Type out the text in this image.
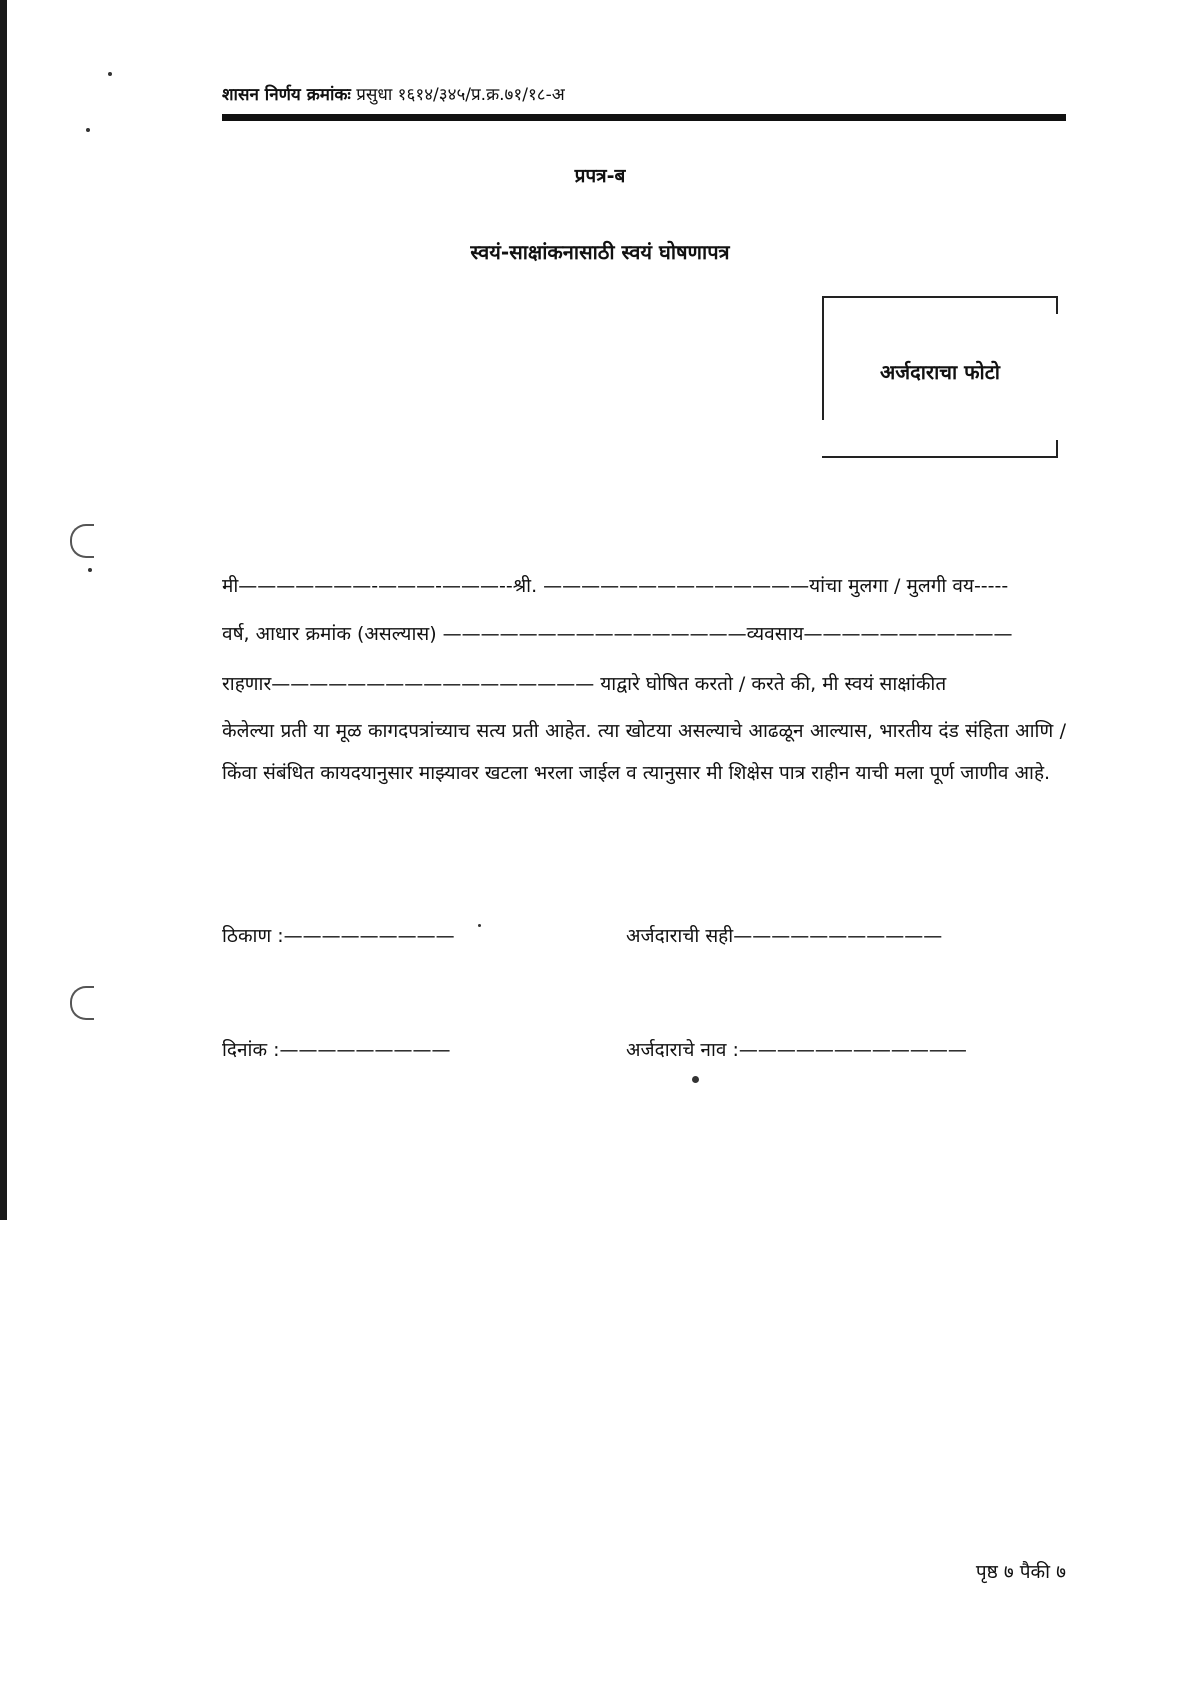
शासन निर्णय क्रमांकः प्रसुधा १६१४/३४५/प्र.क्र.७१/१८-अ
प्रपत्र-ब
स्वयं-साक्षांकनासाठी स्वयं घोषणापत्र
अर्जदाराचा फोटो
मी———————-———-———--श्री. ——————————————यांचा मुलगा / मुलगी वय-----
वर्ष, आधार क्रमांक (असल्यास) ————————————————व्यवसाय———————————
राहणार————————————————— याद्वारे घोषित करतो / करते की, मी स्वयं साक्षांकीत
केलेल्या प्रती या मूळ कागदपत्रांच्याच सत्य प्रती आहेत. त्या खोटया असल्याचे आढळून आल्यास, भारतीय दंड संहिता आणि / किंवा संबंधित कायदयानुसार माझ्यावर खटला भरला जाईल व त्यानुसार मी शिक्षेस पात्र राहीन याची मला पूर्ण जाणीव आहे.
ठिकाण :—————————	अर्जदाराची सही———————————
दिनांक :—————————	अर्जदाराचे नाव :————————————
पृष्ठ ७ पैकी ७
